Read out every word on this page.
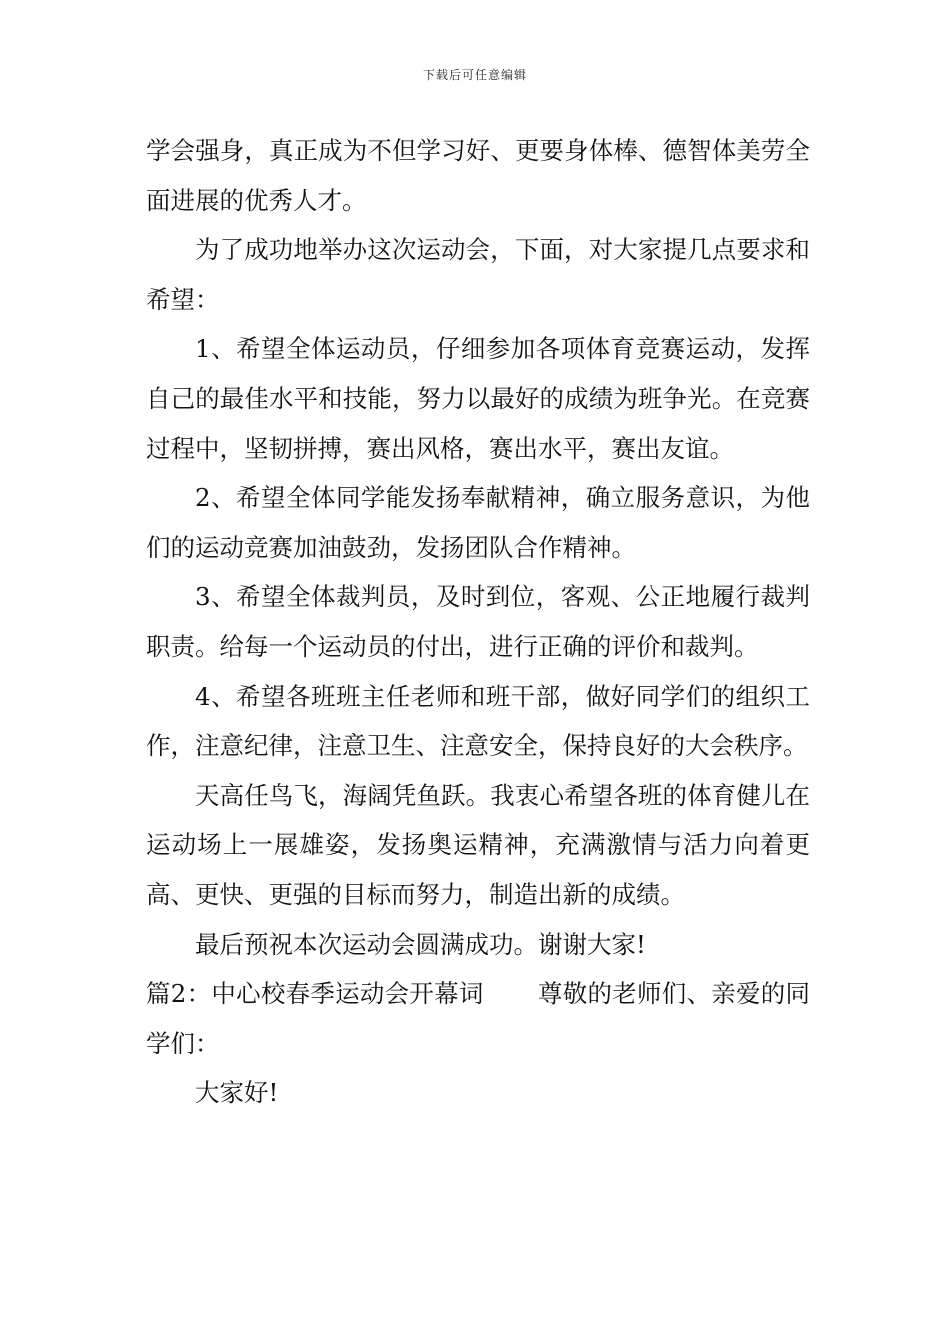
下载后可任意编辑

学会强身，真正成为不但学习好、更要身体棒、德智体美劳全面进展的优秀人才。

为了成功地举办这次运动会，下面，对大家提几点要求和希望：

1、希望全体运动员，仔细参加各项体育竞赛运动，发挥自己的最佳水平和技能，努力以最好的成绩为班争光。在竞赛过程中，坚韧拼搏，赛出风格，赛出水平，赛出友谊。

2、希望全体同学能发扬奉献精神，确立服务意识，为他们的运动竞赛加油鼓劲，发扬团队合作精神。

3、希望全体裁判员，及时到位，客观、公正地履行裁判职责。给每一个运动员的付出，进行正确的评价和裁判。

4、希望各班班主任老师和班干部，做好同学们的组织工作，注意纪律，注意卫生、注意安全，保持良好的大会秩序。

天高任鸟飞，海阔凭鱼跃。我衷心希望各班的体育健儿在运动场上一展雄姿，发扬奥运精神，充满激情与活力向着更高、更快、更强的目标而努力，制造出新的成绩。

最后预祝本次运动会圆满成功。谢谢大家!

篇2：中心校春季运动会开幕词 尊敬的老师们、亲爱的同学们：

大家好!
